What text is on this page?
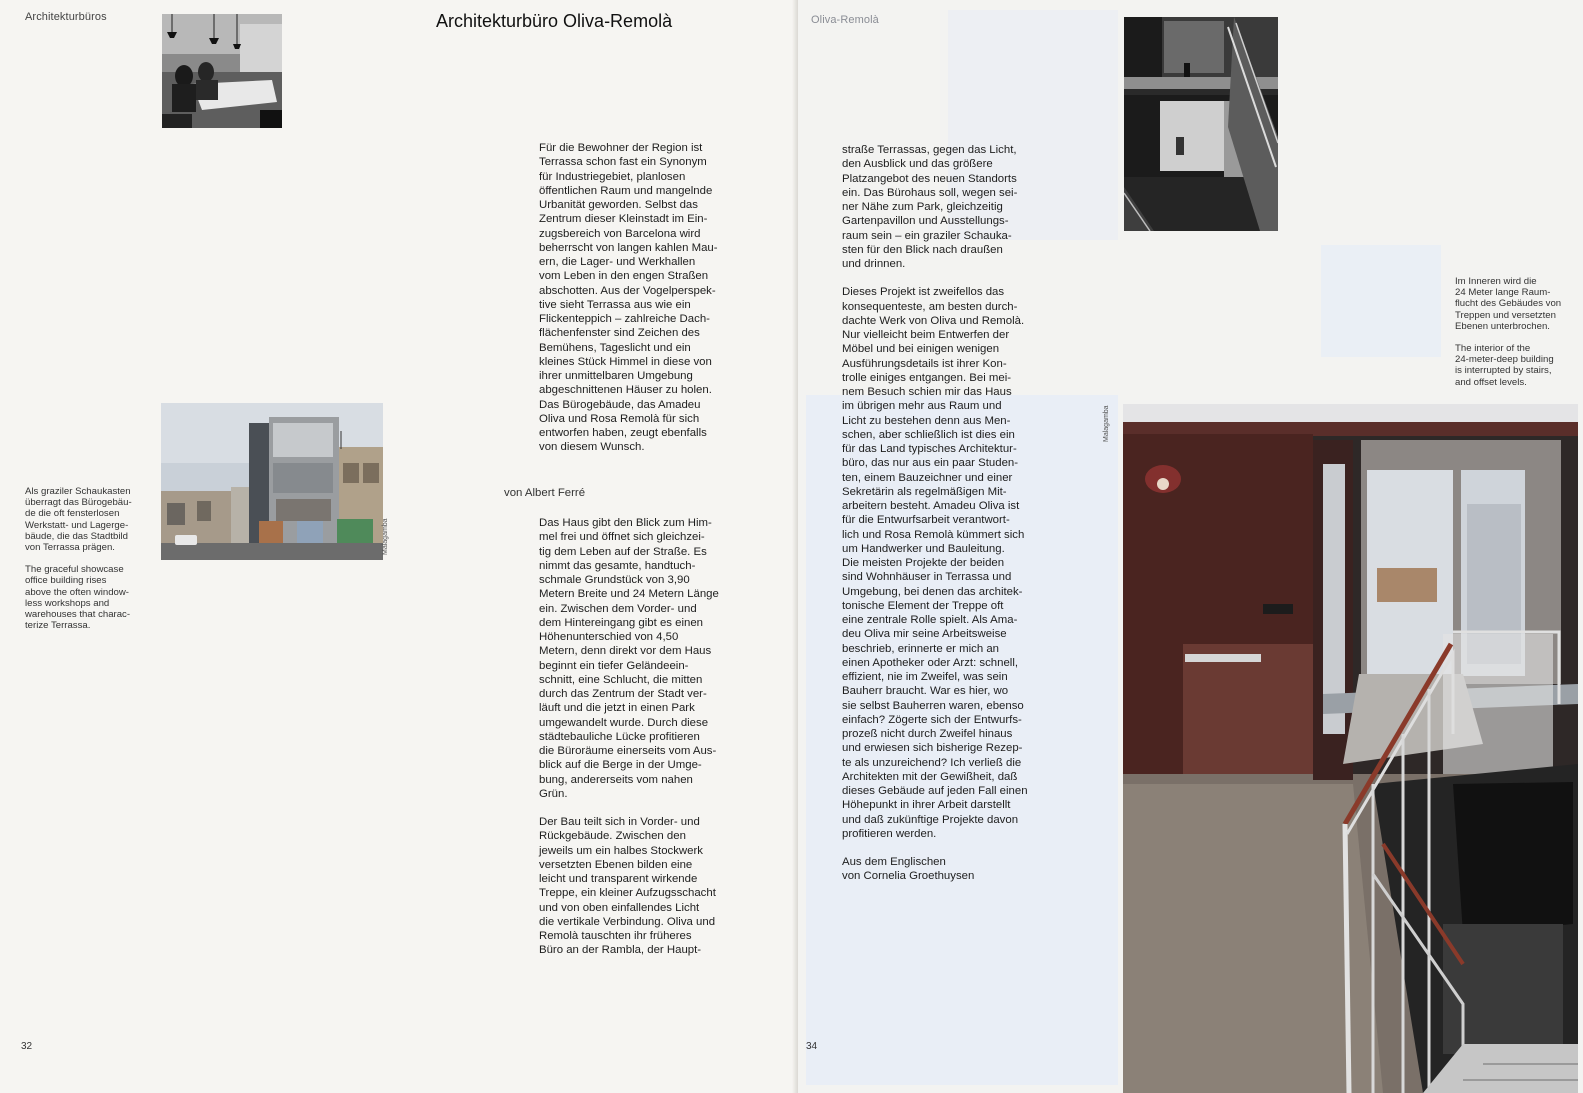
Architekturbüros	Architekturbüro Oliva-Remolà
Malagamba

Als graziler Schaukasten
überragt das Bürogebäu-
de die oft fensterlosen
Werkstatt- und Lagerge-
bäude, die das Stadtbild
von Terrassa prägen.

The graceful showcase
office building rises
above the often window-
less workshops and
warehouses that charac-
terize Terrassa.

Für die Bewohner der Region ist
Terrassa schon fast ein Synonym
für Industriegebiet, planlosen
öffentlichen Raum und mangelnde
Urbanität geworden. Selbst das
Zentrum dieser Kleinstadt im Ein-
zugsbereich von Barcelona wird
beherrscht von langen kahlen Mau-
ern, die Lager- und Werkhallen
vom Leben in den engen Straßen
abschotten. Aus der Vogelperspek-
tive sieht Terrassa aus wie ein
Flickenteppich – zahlreiche Dach-
flächenfenster sind Zeichen des
Bemühens, Tageslicht und ein
kleines Stück Himmel in diese von
ihrer unmittelbaren Umgebung
abgeschnittenen Häuser zu holen.
Das Bürogebäude, das Amadeu
Oliva und Rosa Remolà für sich
entworfen haben, zeugt ebenfalls
von diesem Wunsch.

von Albert Ferré

Das Haus gibt den Blick zum Him-
mel frei und öffnet sich gleichzei-
tig dem Leben auf der Straße. Es
nimmt das gesamte, handtuch-
schmale Grundstück von 3,90
Metern Breite und 24 Metern Länge
ein. Zwischen dem Vorder- und
dem Hintereingang gibt es einen
Höhenunterschied von 4,50
Metern, denn direkt vor dem Haus
beginnt ein tiefer Geländeein-
schnitt, eine Schlucht, die mitten
durch das Zentrum der Stadt ver-
läuft und die jetzt in einen Park
umgewandelt wurde. Durch diese
städtebauliche Lücke profitieren
die Büroräume einerseits vom Aus-
blick auf die Berge in der Umge-
bung, andererseits vom nahen
Grün.

Der Bau teilt sich in Vorder- und
Rückgebäude. Zwischen den
jeweils um ein halbes Stockwerk
versetzten Ebenen bilden eine
leicht und transparent wirkende
Treppe, ein kleiner Aufzugsschacht
und von oben einfallendes Licht
die vertikale Verbindung. Oliva und
Remolà tauschten ihr früheres
Büro an der Rambla, der Haupt-

32
Oliva-Remolà

Im Inneren wird die
24 Meter lange Raum-
flucht des Gebäudes von
Treppen und versetzten
Ebenen unterbrochen.

The interior of the
24-meter-deep building
is interrupted by stairs,
and offset levels.

straße Terrassas, gegen das Licht,
den Ausblick und das größere
Platzangebot des neuen Standorts
ein. Das Bürohaus soll, wegen sei-
ner Nähe zum Park, gleichzeitig
Gartenpavillon und Ausstellungs-
raum sein – ein graziler Schauka-
sten für den Blick nach draußen
und drinnen.

Dieses Projekt ist zweifellos das
konsequenteste, am besten durch-
dachte Werk von Oliva und Remolà.
Nur vielleicht beim Entwerfen der
Möbel und bei einigen wenigen
Ausführungsdetails ist ihrer Kon-
trolle einiges entgangen. Bei mei-
nem Besuch schien mir das Haus
im übrigen mehr aus Raum und
Licht zu bestehen denn aus Men-
schen, aber schließlich ist dies ein
für das Land typisches Architektur-
büro, das nur aus ein paar Studen-
ten, einem Bauzeichner und einer
Sekretärin als regelmäßigen Mit-
arbeitern besteht. Amadeu Oliva ist
für die Entwurfsarbeit verantwort-
lich und Rosa Remolà kümmert sich
um Handwerker und Bauleitung.
Die meisten Projekte der beiden
sind Wohnhäuser in Terrassa und
Umgebung, bei denen das architek-
tonische Element der Treppe oft
eine zentrale Rolle spielt. Als Ama-
deu Oliva mir seine Arbeitsweise
beschrieb, erinnerte er mich an
einen Apotheker oder Arzt: schnell,
effizient, nie im Zweifel, was sein
Bauherr braucht. War es hier, wo
sie selbst Bauherren waren, ebenso
einfach? Zögerte sich der Entwurfs-
prozeß nicht durch Zweifel hinaus
und erwiesen sich bisherige Rezep-
te als unzureichend? Ich verließ die
Architekten mit der Gewißheit, daß
dieses Gebäude auf jeden Fall einen
Höhepunkt in ihrer Arbeit darstellt
und daß zukünftige Projekte davon
profitieren werden.

Aus dem Englischen
von Cornelia Groethuysen

Malagamba
34
